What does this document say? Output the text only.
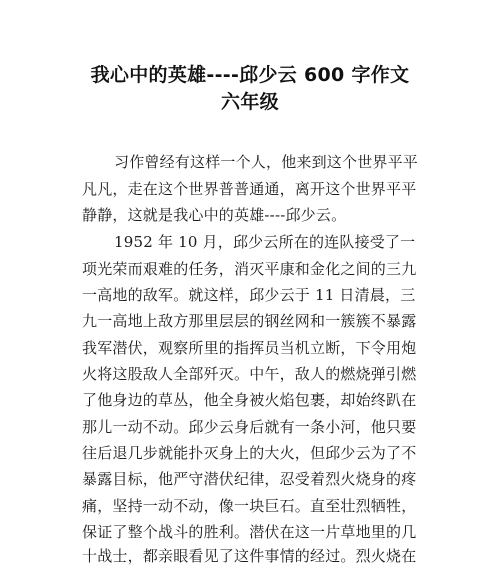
我心中的英雄----邱少云 600 字作文
六年级
习作曾经有这样一个人，他来到这个世界平平
凡凡，走在这个世界普普通通，离开这个世界平平
静静，这就是我心中的英雄----邱少云。
1952 年 10 月，邱少云所在的连队接受了一
项光荣而艰难的任务，消灭平康和金化之间的三九
一高地的敌军。就这样，邱少云于 11 日清晨，三
九一高地上敌方那里层层的钢丝网和一簇簇不暴露
我军潜伏，观察所里的指挥员当机立断，下令用炮
火将这股敌人全部歼灭。中午，敌人的燃烧弹引燃
了他身边的草丛，他全身被火焰包裹，却始终趴在
那儿一动不动。邱少云身后就有一条小河，他只要
往后退几步就能扑灭身上的大火，但邱少云为了不
暴露目标，他严守潜伏纪律，忍受着烈火烧身的疼
痛，坚持一动不动，像一块巨石。直至壮烈牺牲，
保证了整个战斗的胜利。潜伏在这一片草地里的几
十战士，都亲眼看见了这件事情的经过。烈火烧在
